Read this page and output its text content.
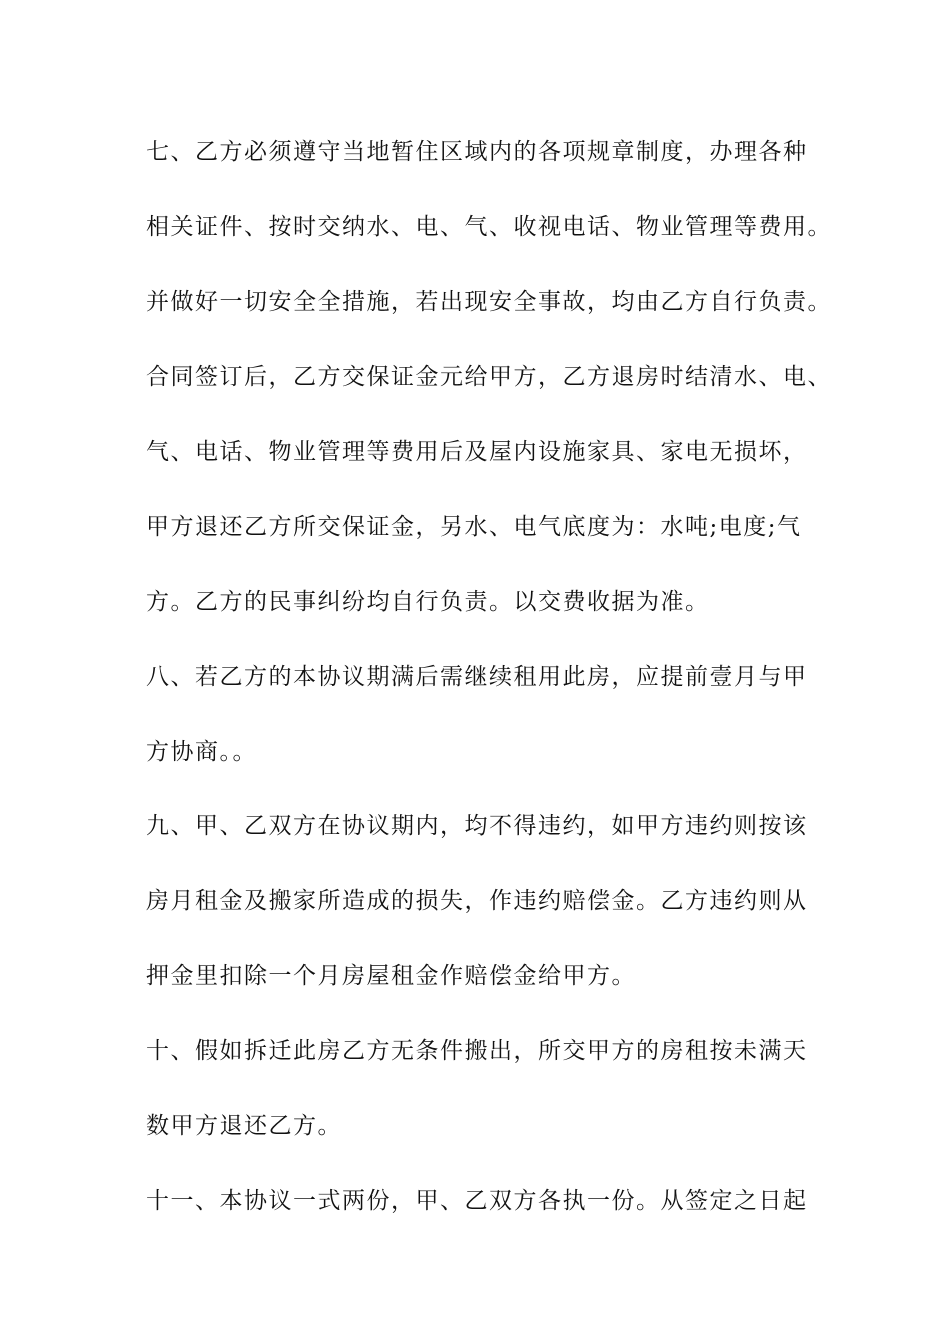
七、乙方必须遵守当地暂住区域内的各项规章制度，办理各种
相关证件、按时交纳水、电、气、收视电话、物业管理等费用。
并做好一切安全全措施，若出现安全事故，均由乙方自行负责。
合同签订后，乙方交保证金元给甲方，乙方退房时结清水、电、
气、电话、物业管理等费用后及屋内设施家具、家电无损坏，
甲方退还乙方所交保证金，另水、电气底度为：水吨;电度;气
方。乙方的民事纠纷均自行负责。以交费收据为准。
八、若乙方的本协议期满后需继续租用此房，应提前壹月与甲
方协商。。
九、甲、乙双方在协议期内，均不得违约，如甲方违约则按该
房月租金及搬家所造成的损失，作违约赔偿金。乙方违约则从
押金里扣除一个月房屋租金作赔偿金给甲方。
十、假如拆迁此房乙方无条件搬出，所交甲方的房租按未满天
数甲方退还乙方。
十一、本协议一式两份，甲、乙双方各执一份。从签定之日起
